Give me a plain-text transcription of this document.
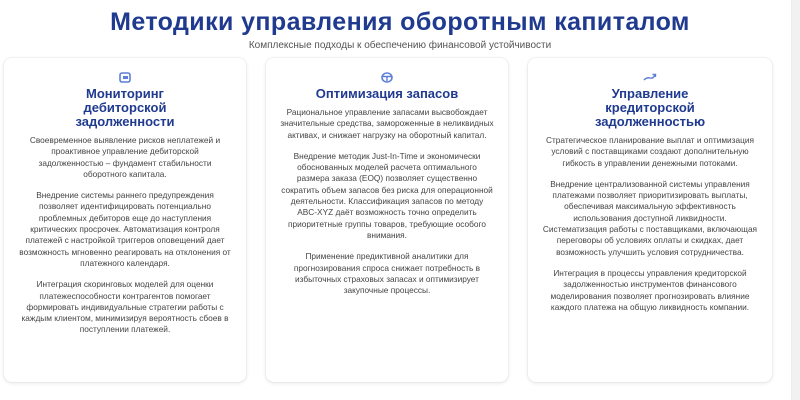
Методики управления оборотным капиталом
Комплексные подходы к обеспечению финансовой устойчивости
Мониторинг дебиторской задолженности

Своевременное выявление рисков неплатежей и проактивное управление дебиторской задолженностью – фундамент стабильности оборотного капитала.

Внедрение системы раннего предупреждения позволяет идентифицировать потенциально проблемных дебиторов еще до наступления критических просрочек. Автоматизация контроля платежей с настройкой триггеров оповещений дает возможность мгновенно реагировать на отклонения от платежного календаря.

Интеграция скоринговых моделей для оценки платежеспособности контрагентов помогает формировать индивидуальные стратегии работы с каждым клиентом, минимизируя вероятность сбоев в поступлении платежей.

Оптимизация запасов

Рациональное управление запасами высвобождает значительные средства, замороженные в неликвидных активах, и снижает нагрузку на оборотный капитал.

Внедрение методик Just-In-Time и экономически обоснованных моделей расчета оптимального размера заказа (EOQ) позволяет существенно сократить объем запасов без риска для операционной деятельности. Классификация запасов по методу ABC-XYZ даёт возможность точно определить приоритетные группы товаров, требующие особого внимания.

Применение предиктивной аналитики для прогнозирования спроса снижает потребность в избыточных страховых запасах и оптимизирует закупочные процессы.

Управление кредиторской задолженностью

Стратегическое планирование выплат и оптимизация условий с поставщиками создают дополнительную гибкость в управлении денежными потоками.

Внедрение централизованной системы управления платежами позволяет приоритизировать выплаты, обеспечивая максимальную эффективность использования доступной ликвидности. Систематизация работы с поставщиками, включающая переговоры об условиях оплаты и скидках, дает возможность улучшить условия сотрудничества.

Интеграция в процессы управления кредиторской задолженностью инструментов финансового моделирования позволяет прогнозировать влияние каждого платежа на общую ликвидность компании.
